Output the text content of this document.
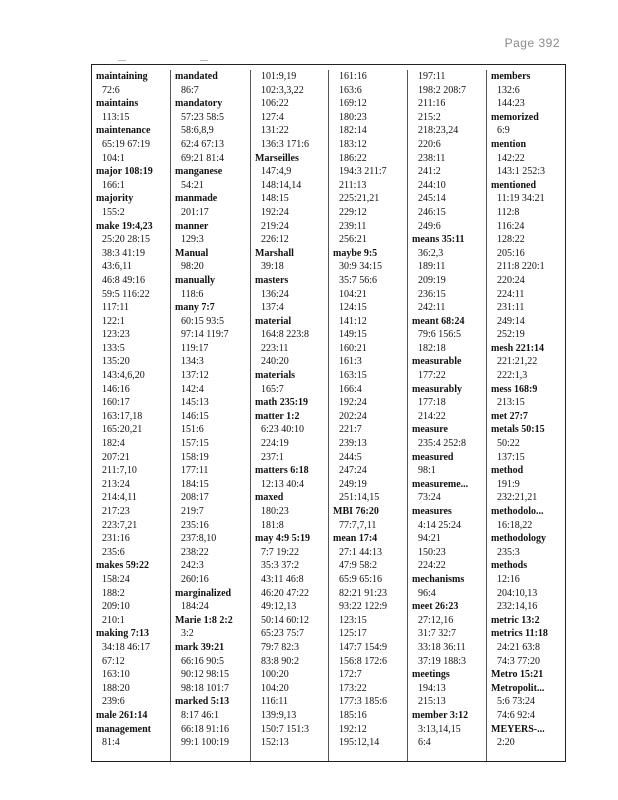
Page 392
maintaining
72:6
maintains
113:15
maintenance
65:19 67:19
104:1
major 108:19
166:1
majority
155:2
make 19:4,23
25:20 28:15
38:3 41:19
43:6,11
46:8 49:16
59:5 116:22
117:11
122:1
123:23
133:5
135:20
143:4,6,20
146:16
160:17
163:17,18
165:20,21
182:4
207:21
211:7,10
213:24
214:4,11
217:23
223:7,21
231:16
235:6
makes 59:22
158:24
188:2
209:10
210:1
making 7:13
34:18 46:17
67:12
163:10
188:20
239:6
male 261:14
management
81:4
mandated
86:7
mandatory
57:23 58:5
58:6,8,9
62:4 67:13
69:21 81:4
manganese
54:21
manmade
201:17
manner
129:3
Manual
98:20
manually
118:6
many 7:7
60:15 93:5
97:14 119:7
119:17
134:3
137:12
142:4
145:13
146:15
151:6
157:15
158:19
177:11
184:15
208:17
219:7
235:16
237:8,10
238:22
242:3
260:16
marginalized
184:24
Marie 1:8 2:2
3:2
mark 39:21
66:16 90:5
90:12 98:15
98:18 101:7
marked 5:13
8:17 46:1
66:18 91:16
99:1 100:19
101:9,19
102:3,3,22
106:22
127:4
131:22
136:3 171:6
Marseilles
147:4,9
148:14,14
148:15
192:24
219:24
226:12
Marshall
39:18
masters
136:24
137:4
material
164:8 223:8
223:11
240:20
materials
165:7
math 235:19
matter 1:2
6:23 40:10
224:19
237:1
matters 6:18
12:13 40:4
maxed
180:23
181:8
may 4:9 5:19
7:7 19:22
35:3 37:2
43:11 46:8
46:20 47:22
49:12,13
50:14 60:12
65:23 75:7
79:7 82:3
83:8 90:2
100:20
104:20
116:11
139:9,13
150:7 151:3
152:13
161:16
163:6
169:12
180:23
182:14
183:12
186:22
194:3 211:7
211:13
225:21,21
229:12
239:11
256:21
maybe 9:5
30:9 34:15
35:7 56:6
104:21
124:15
141:12
149:15
160:21
161:3
163:15
166:4
192:24
202:24
221:7
239:13
244:5
247:24
249:19
251:14,15
MBI 76:20
77:7,7,11
mean 17:4
27:1 44:13
47:9 58:2
65:9 65:16
82:21 91:23
93:22 122:9
123:15
125:17
147:7 154:9
156:8 172:6
172:7
173:22
177:3 185:6
185:16
192:12
195:12,14
197:11
198:2 208:7
211:16
215:2
218:23,24
220:6
238:11
241:2
244:10
245:14
246:15
249:6
means 35:11
36:2,3
189:11
209:19
236:15
242:11
meant 68:24
79:6 156:5
182:18
measurable
177:22
measurably
177:18
214:22
measure
235:4 252:8
measured
98:1
measureme...
73:24
measures
4:14 25:24
94:21
150:23
224:22
mechanisms
96:4
meet 26:23
27:12,16
31:7 32:7
33:18 36:11
37:19 188:3
meetings
194:13
215:13
member 3:12
3:13,14,15
6:4
members
132:6
144:23
memorized
6:9
mention
142:22
143:1 252:3
mentioned
11:19 34:21
112:8
116:24
128:22
205:16
211:8 220:1
220:24
224:11
231:11
249:14
252:19
mesh 221:14
221:21,22
222:1,3
mess 168:9
213:15
met 27:7
metals 50:15
50:22
137:15
method
191:9
232:21,21
methodolo...
16:18,22
methodology
235:3
methods
12:16
204:10,13
232:14,16
metric 13:2
metrics 11:18
24:21 63:8
74:3 77:20
Metro 15:21
Metropolit...
5:6 73:24
74:6 92:4
MEYERS-...
2:20
